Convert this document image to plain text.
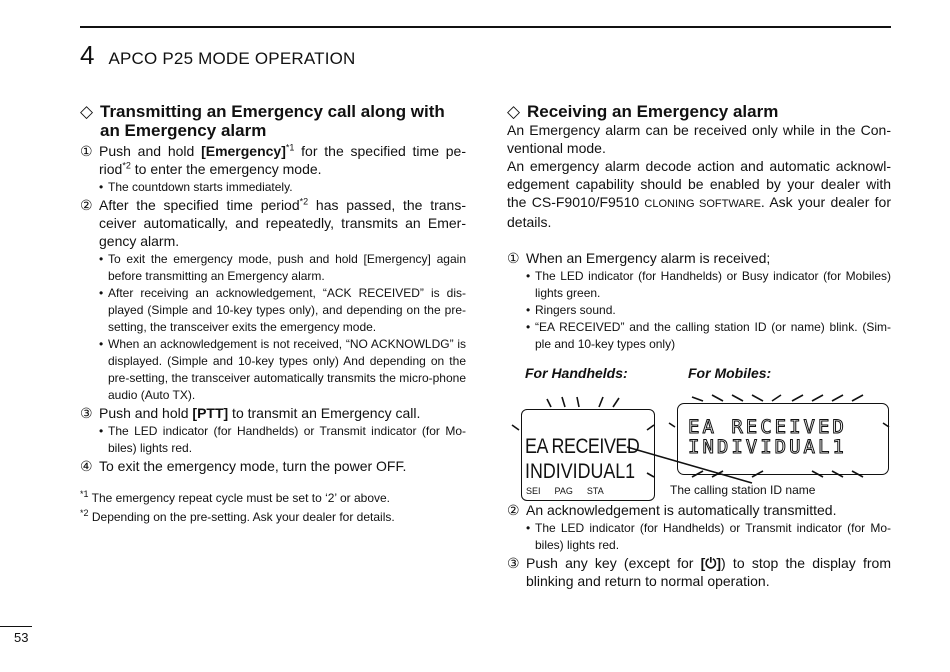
4 APCO P25 MODE OPERATION
◇ Transmitting an Emergency call along with an Emergency alarm
① Push and hold [Emergency]$^{*1}$ for the specified time pe-riod$^{*2}$ to enter the emergency mode.
• The countdown starts immediately.
② After the specified time period$^{*2}$ has passed, the trans-ceiver automatically, and repeatedly, transmits an Emer-gency alarm.
• To exit the emergency mode, push and hold [Emergency] again before transmitting an Emergency alarm.
• After receiving an acknowledgement, “ACK RECEIVED” is dis-played (Simple and 10-key types only), and depending on the pre-setting, the transceiver exits the emergency mode.
• When an acknowledgement is not received, “NO ACKNOWLDG” is displayed. (Simple and 10-key types only) And depending on the pre-setting, the transceiver automatically transmits the micro-phone audio (Auto TX).
③ Push and hold [PTT] to transmit an Emergency call.
• The LED indicator (for Handhelds) or Transmit indicator (for Mo-biles) lights red.
④ To exit the emergency mode, turn the power OFF.
$^{*1}$ The emergency repeat cycle must be set to ‘2’ or above.
$^{*2}$ Depending on the pre-setting. Ask your dealer for details.
◇ Receiving an Emergency alarm

An Emergency alarm can be received only while in the Con-ventional mode.

An emergency alarm decode action and automatic acknowl-edgement capability should be enabled by your dealer with the CS-F9010/F9510 CLONING SOFTWARE. Ask your dealer for details.

① When an Emergency alarm is received;
• The LED indicator (for Handhelds) or Busy indicator (for Mobiles) lights green.
• Ringers sound.
• “EA RECEIVED” and the calling station ID (or name) blink. (Sim-ple and 10-key types only)
For Handhelds:	For Mobiles:
EA RECEIVED
INDIVIDUAL1
SEI PAG STA
EA RECEIVED
INDIVIDUAL1
The calling station ID name
② An acknowledgement is automatically transmitted.
• The LED indicator (for Handhelds) or Transmit indicator (for Mo-biles) lights red.
③ Push any key (except for [⏻]) to stop the display from blinking and return to normal operation.
53
